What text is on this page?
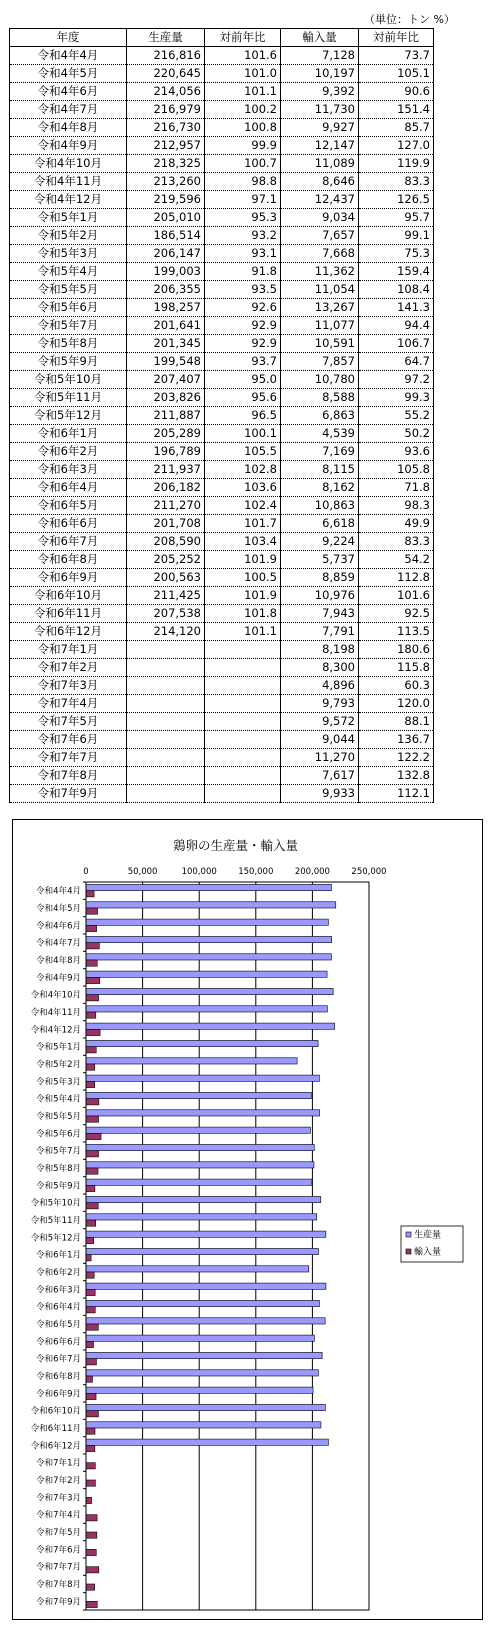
（単位：トン %）
年度	生産量	対前年比	輸入量	対前年比
令和4年4月	216,816	101.6	7,128	73.7
令和4年5月	220,645	101.0	10,197	105.1
令和4年6月	214,056	101.1	9,392	90.6
令和4年7月	216,979	100.2	11,730	151.4
令和4年8月	216,730	100.8	9,927	85.7
令和4年9月	212,957	99.9	12,147	127.0
令和4年10月	218,325	100.7	11,089	119.9
令和4年11月	213,260	98.8	8,646	83.3
令和4年12月	219,596	97.1	12,437	126.5
令和5年1月	205,010	95.3	9,034	95.7
令和5年2月	186,514	93.2	7,657	99.1
令和5年3月	206,147	93.1	7,668	75.3
令和5年4月	199,003	91.8	11,362	159.4
令和5年5月	206,355	93.5	11,054	108.4
令和5年6月	198,257	92.6	13,267	141.3
令和5年7月	201,641	92.9	11,077	94.4
令和5年8月	201,345	92.9	10,591	106.7
令和5年9月	199,548	93.7	7,857	64.7
令和5年10月	207,407	95.0	10,780	97.2
令和5年11月	203,826	95.6	8,588	99.3
令和5年12月	211,887	96.5	6,863	55.2
令和6年1月	205,289	100.1	4,539	50.2
令和6年2月	196,789	105.5	7,169	93.6
令和6年3月	211,937	102.8	8,115	105.8
令和6年4月	206,182	103.6	8,162	71.8
令和6年5月	211,270	102.4	10,863	98.3
令和6年6月	201,708	101.7	6,618	49.9
令和6年7月	208,590	103.4	9,224	83.3
令和6年8月	205,252	101.9	5,737	54.2
令和6年9月	200,563	100.5	8,859	112.8
令和6年10月	211,425	101.9	10,976	101.6
令和6年11月	207,538	101.8	7,943	92.5
令和6年12月	214,120	101.1	7,791	113.5
令和7年1月			8,198	180.6
令和7年2月			8,300	115.8
令和7年3月			4,896	60.3
令和7年4月			9,793	120.0
令和7年5月			9,572	88.1
令和7年6月			9,044	136.7
令和7年7月			11,270	122.2
令和7年8月			7,617	132.8
令和7年9月			9,933	112.1
鶏卵の生産量・輸入量
0	50,000	100,000	150,000	200,000	250,000
令和4年4月
令和4年5月
令和4年6月
令和4年7月
令和4年8月
令和4年9月
令和4年10月
令和4年11月
令和4年12月
令和5年1月
令和5年2月
令和5年3月
令和5年4月
令和5年5月
令和5年6月
令和5年7月
令和5年8月
令和5年9月
令和5年10月
令和5年11月
令和5年12月
令和6年1月
令和6年2月
令和6年3月
令和6年4月
令和6年5月
令和6年6月
令和6年7月
令和6年8月
令和6年9月
令和6年10月
令和6年11月
令和6年12月
令和7年1月
令和7年2月
令和7年3月
令和7年4月
令和7年5月
令和7年6月
令和7年7月
令和7年8月
令和7年9月
生産量
輸入量
